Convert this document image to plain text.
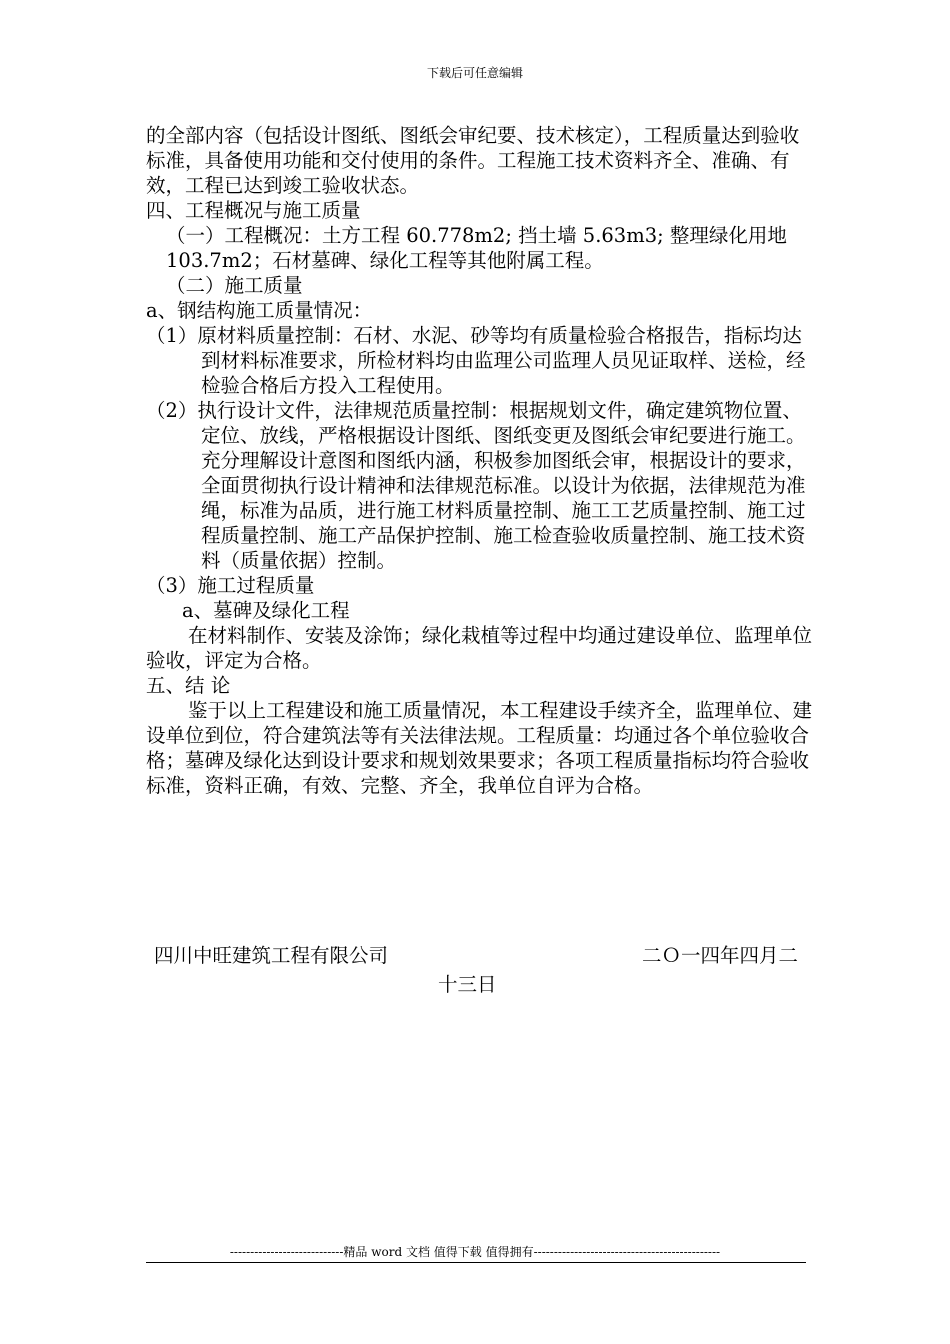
下载后可任意编辑

的全部内容（包括设计图纸、图纸会审纪要、技术核定），工程质量达到验收标准，具备使用功能和交付使用的条件。工程施工技术资料齐全、准确、有效，工程已达到竣工验收状态。

四、工程概况与施工质量

（一）工程概况：土方工程 60.778m2; 挡土墙 5.63m3; 整理绿化用地 103.7m2；石材墓碑、绿化工程等其他附属工程。

（二）施工质量

a、钢结构施工质量情况：

（1）原材料质量控制：石材、水泥、砂等均有质量检验合格报告，指标均达到材料标准要求，所检材料均由监理公司监理人员见证取样、送检，经检验合格后方投入工程使用。

（2）执行设计文件，法律规范质量控制：根据规划文件，确定建筑物位置、定位、放线，严格根据设计图纸、图纸变更及图纸会审纪要进行施工。充分理解设计意图和图纸内涵，积极参加图纸会审，根据设计的要求，全面贯彻执行设计精神和法律规范标准。以设计为依据，法律规范为准绳，标准为品质，进行施工材料质量控制、施工工艺质量控制、施工过程质量控制、施工产品保护控制、施工检查验收质量控制、施工技术资料（质量依据）控制。

（3）施工过程质量

a、墓碑及绿化工程

在材料制作、安装及涂饰；绿化栽植等过程中均通过建设单位、监理单位验收，评定为合格。

五、结 论

鉴于以上工程建设和施工质量情况，本工程建设手续齐全，监理单位、建设单位到位，符合建筑法等有关法律法规。工程质量：均通过各个单位验收合格；墓碑及绿化达到设计要求和规划效果要求；各项工程质量指标均符合验收标准，资料正确，有效、完整、齐全，我单位自评为合格。

四川中旺建筑工程有限公司	二Ｏ一四年四月二
十三日
----------------------------精品 word 文档 值得下载 值得拥有----------------------------------------------
